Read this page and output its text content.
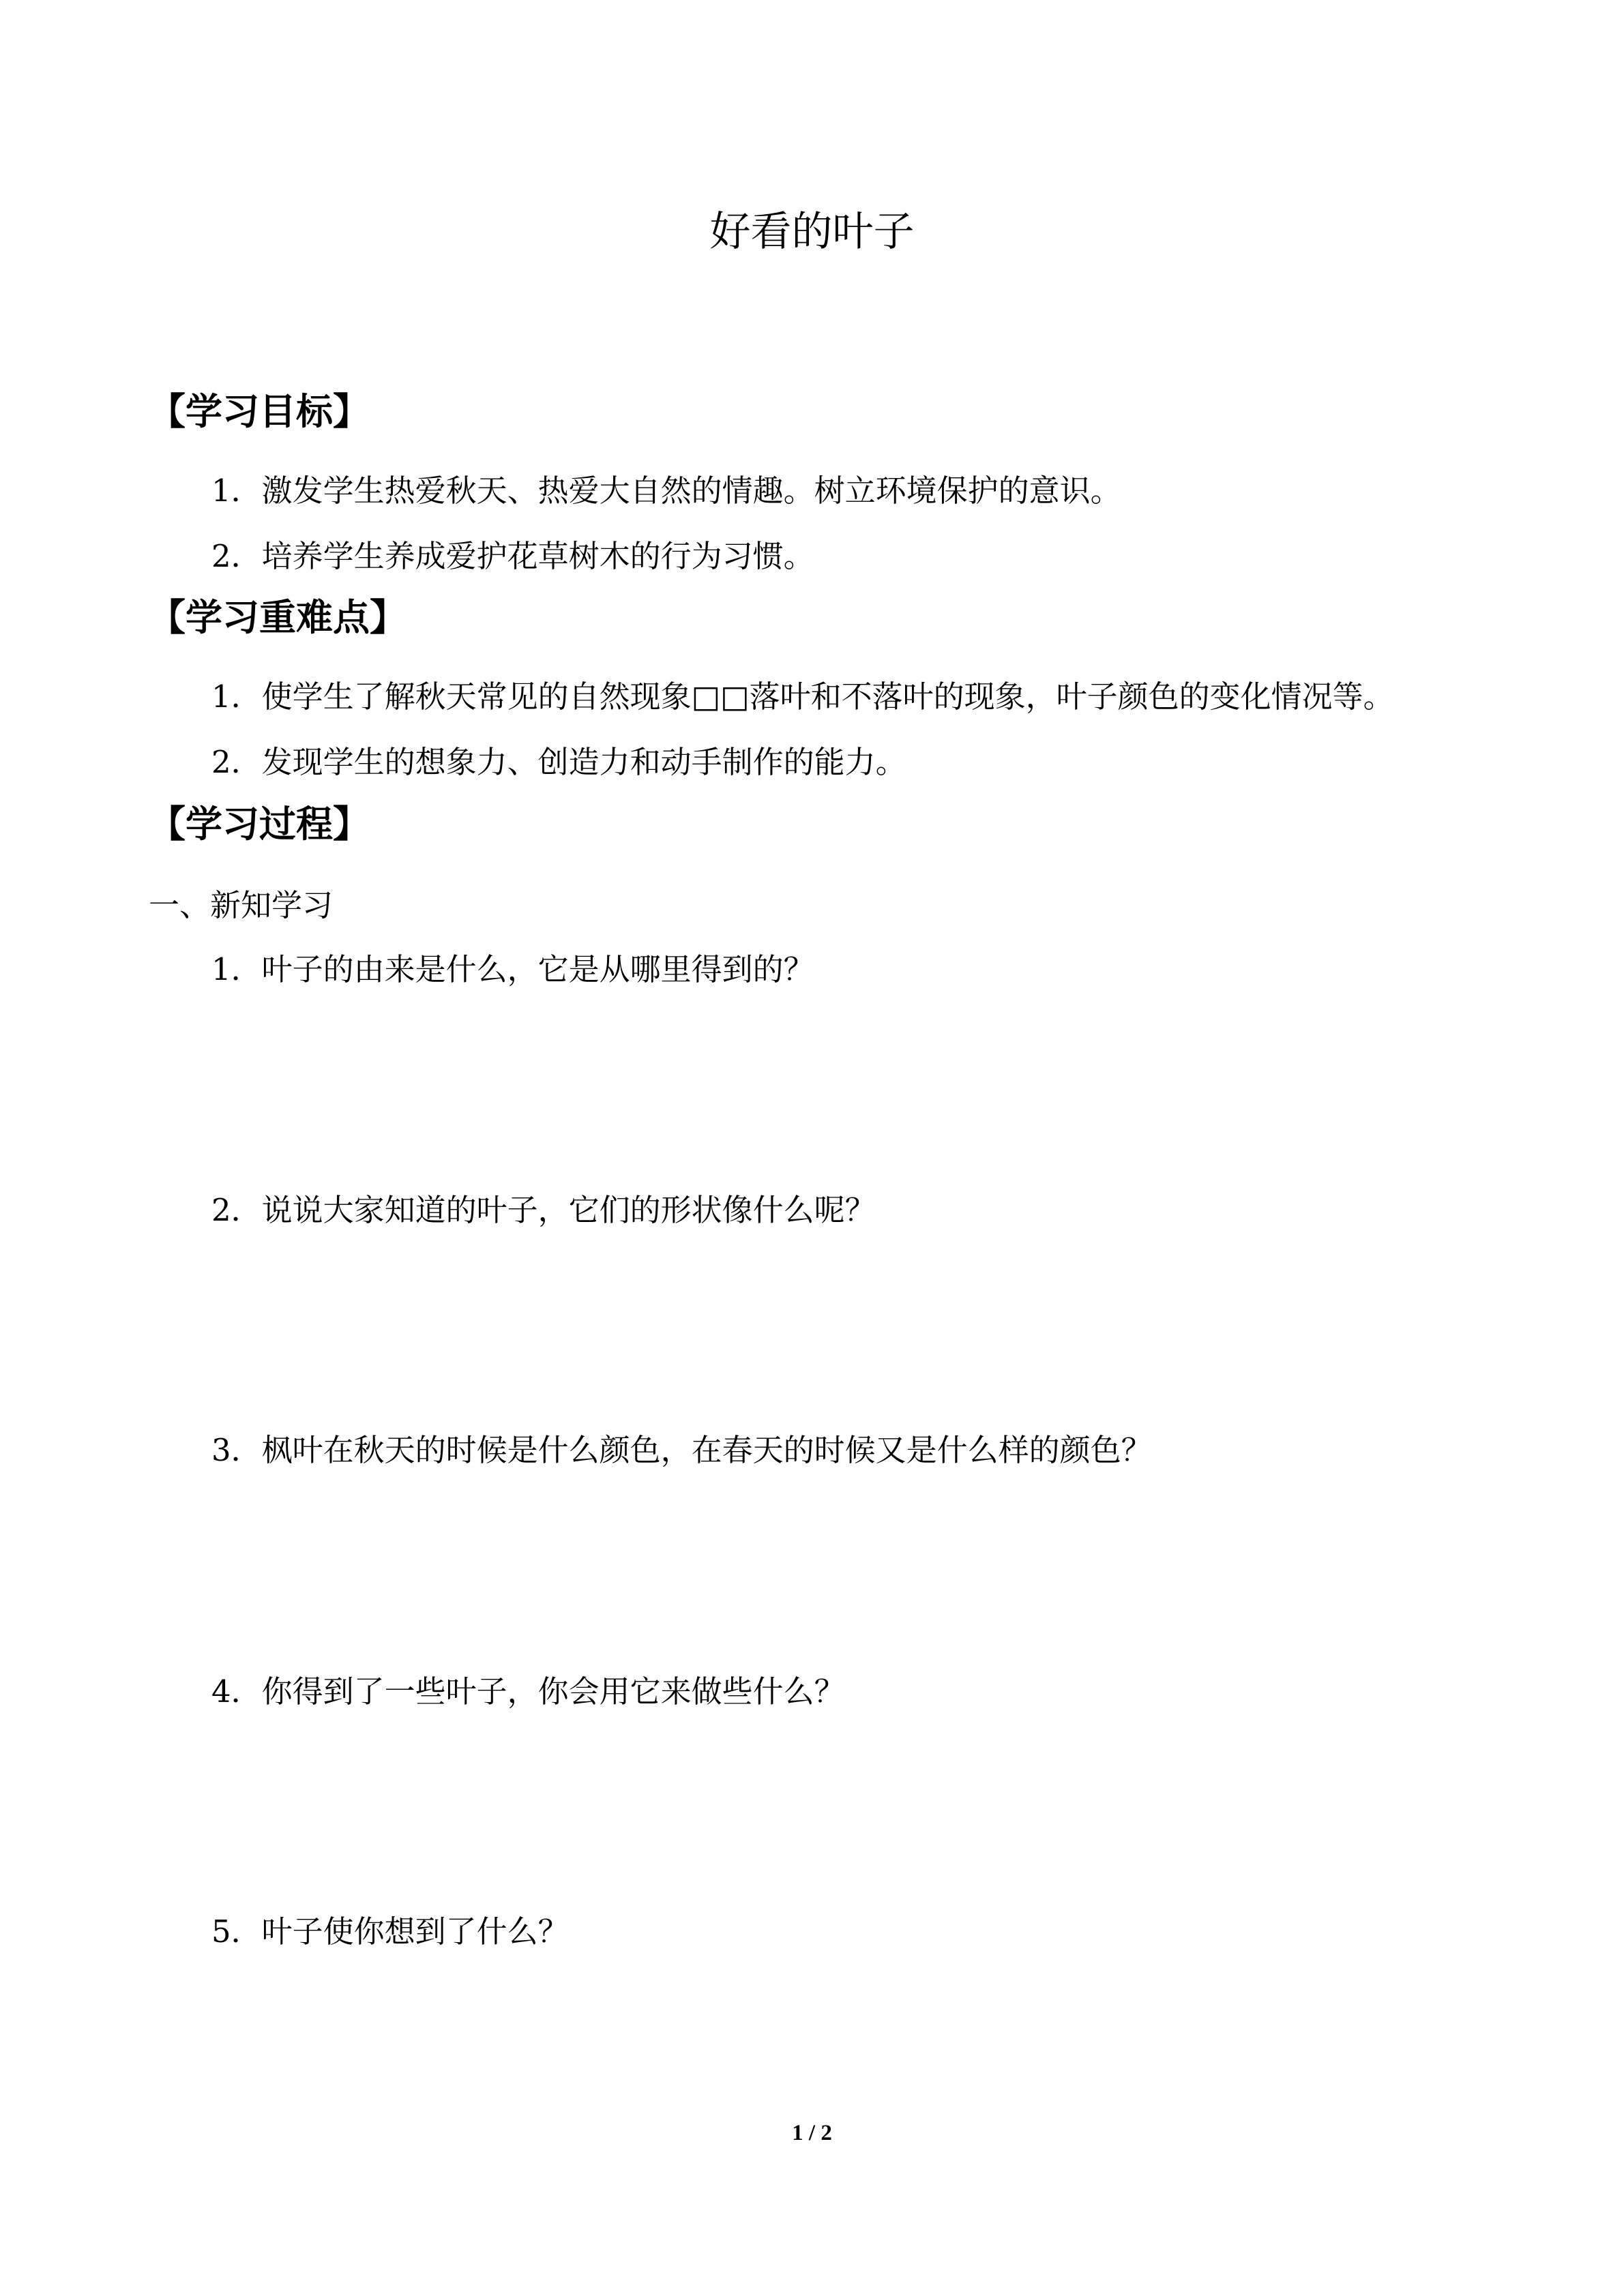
好看的叶子
【学习目标】
1．激发学生热爱秋天、热爱大自然的情趣。树立环境保护的意识。
2．培养学生养成爱护花草树木的行为习惯。
【学习重难点】
1．使学生了解秋天常见的自然现象□□落叶和不落叶的现象，叶子颜色的变化情况等。
2．发现学生的想象力、创造力和动手制作的能力。
【学习过程】
一、新知学习
1．叶子的由来是什么，它是从哪里得到的？
2．说说大家知道的叶子，它们的形状像什么呢？
3．枫叶在秋天的时候是什么颜色，在春天的时候又是什么样的颜色？
4．你得到了一些叶子，你会用它来做些什么？
5．叶子使你想到了什么？
1 / 2
